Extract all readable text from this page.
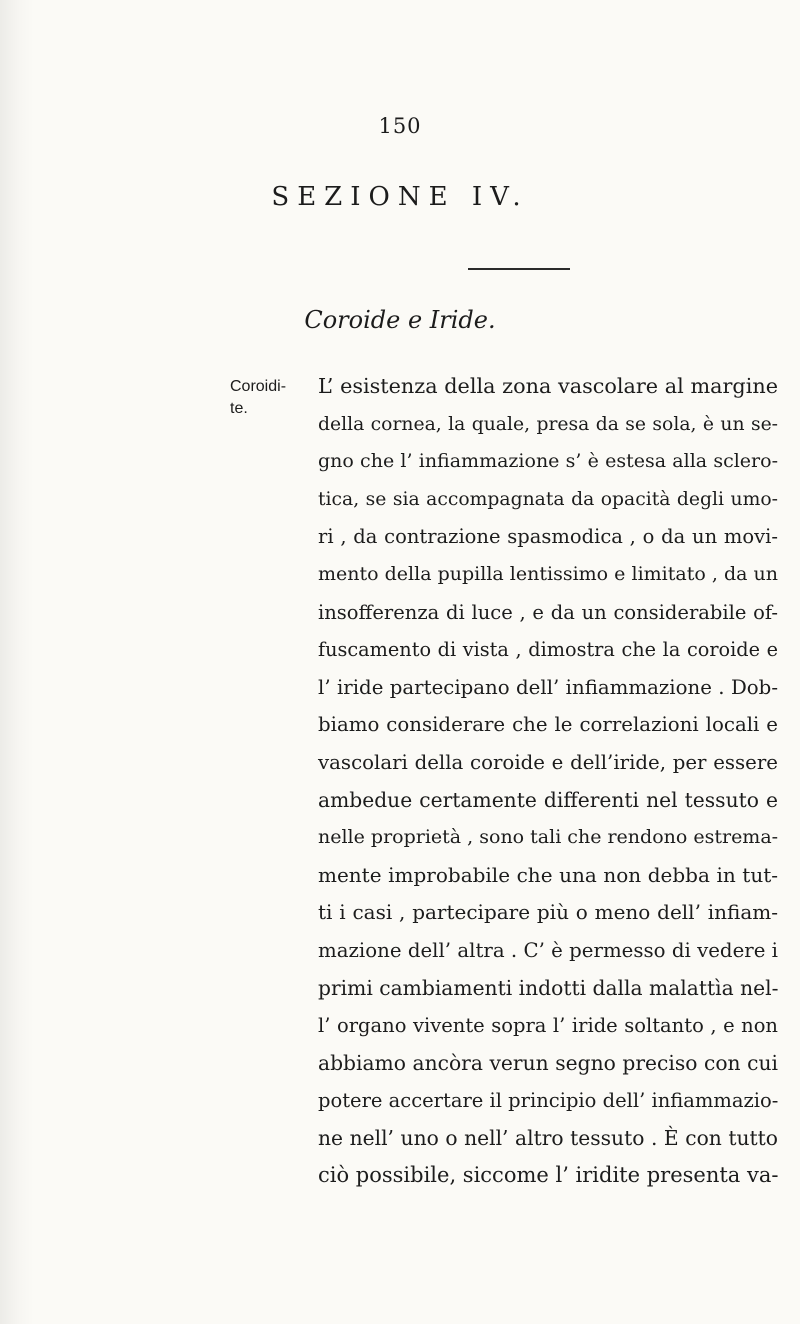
150
SEZIONE IV.
Coroide e Iride.
Coroidi-
te.
L’ esistenza della zona vascolare al margine
della cornea, la quale, presa da se sola, è un se-
gno che l’ infiammazione s’ è estesa alla sclero-
tica, se sia accompagnata da opacità degli umo-
ri , da contrazione spasmodica , o da un movi-
mento della pupilla lentissimo e limitato , da un
insofferenza di luce , e da un considerabile of-
fuscamento di vista , dimostra che la coroide e
l’ iride partecipano dell’ infiammazione . Dob-
biamo considerare che le correlazioni locali e
vascolari della coroide e dell’iride, per essere
ambedue certamente differenti nel tessuto e
nelle proprietà , sono tali che rendono estrema-
mente improbabile che una non debba in tut-
ti i casi , partecipare più o meno dell’ infiam-
mazione dell’ altra . C’ è permesso di vedere i
primi cambiamenti indotti dalla malattìa nel-
l’ organo vivente sopra l’ iride soltanto , e non
abbiamo ancòra verun segno preciso con cui
potere accertare il principio dell’ infiammazio-
ne nell’ uno o nell’ altro tessuto . È con tutto
ciò possibile, siccome l’ iridite presenta va-
